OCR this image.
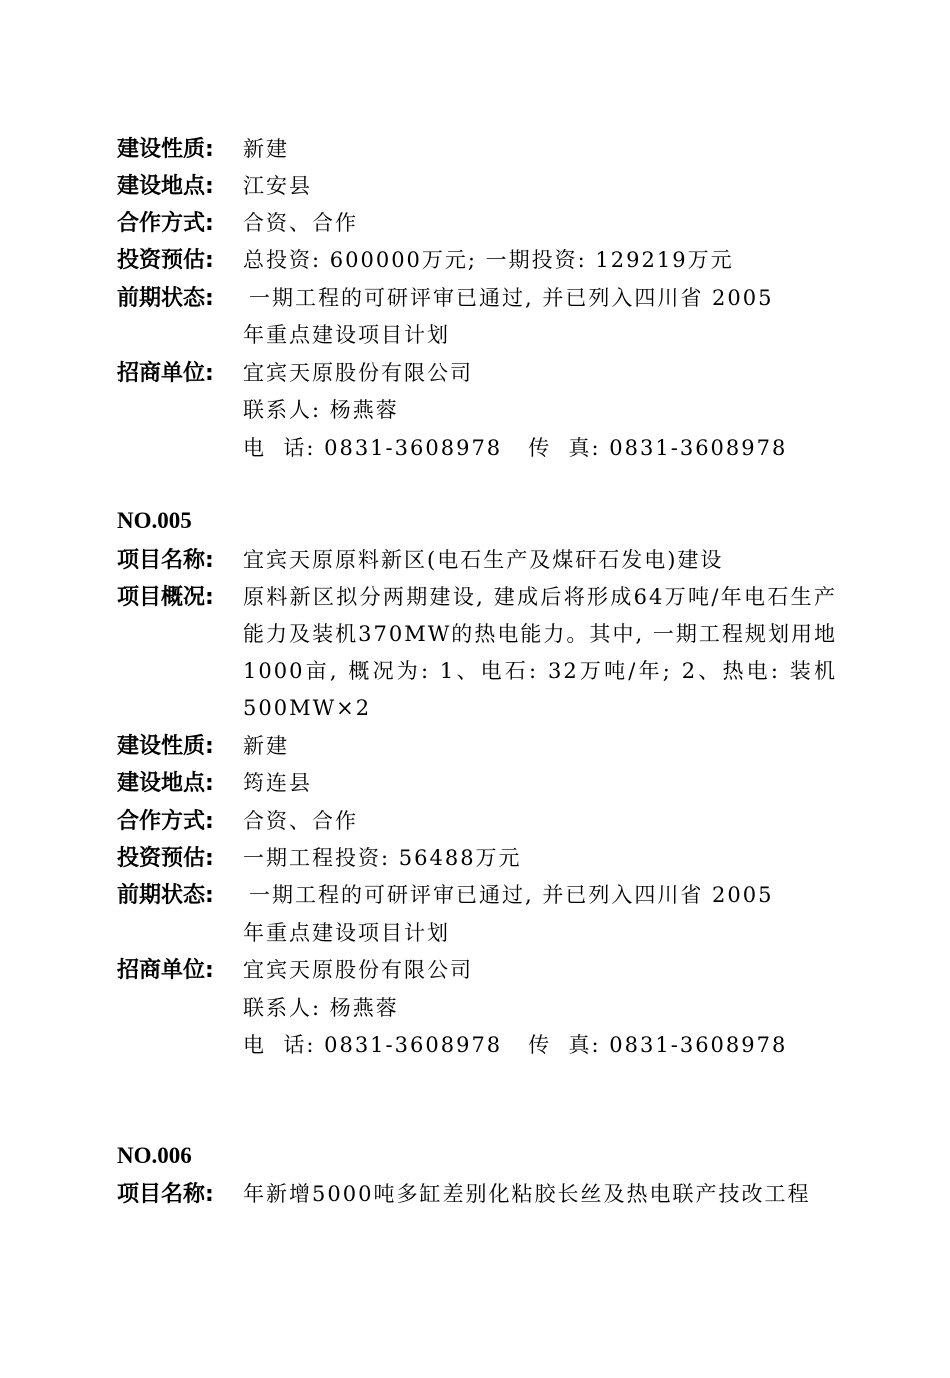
建设性质:	新建
建设地点:	江安县
合作方式:	合资、合作
投资预估:	总投资: 600000万元; 一期投资: 129219万元
前期状态:	一期工程的可研评审已通过, 并已列入四川省 2005
年重点建设项目计划
招商单位:	宜宾天原股份有限公司
联系人: 杨燕蓉
电  话: 0831-3608978   传  真: 0831-3608978
NO.005
项目名称:	宜宾天原原料新区(电石生产及煤矸石发电)建设
项目概况:	原料新区拟分两期建设, 建成后将形成64万吨/年电石生产能力及装机370MW的热电能力。其中, 一期工程规划用地1000亩, 概况为: 1、电石: 32万吨/年; 2、热电: 装机500MW×2
建设性质:	新建
建设地点:	筠连县
合作方式:	合资、合作
投资预估:	一期工程投资: 56488万元
前期状态:	一期工程的可研评审已通过, 并已列入四川省 2005
年重点建设项目计划
招商单位:	宜宾天原股份有限公司
联系人: 杨燕蓉
电  话: 0831-3608978   传  真: 0831-3608978
NO.006
项目名称:	年新增5000吨多缸差别化粘胶长丝及热电联产技改工程
